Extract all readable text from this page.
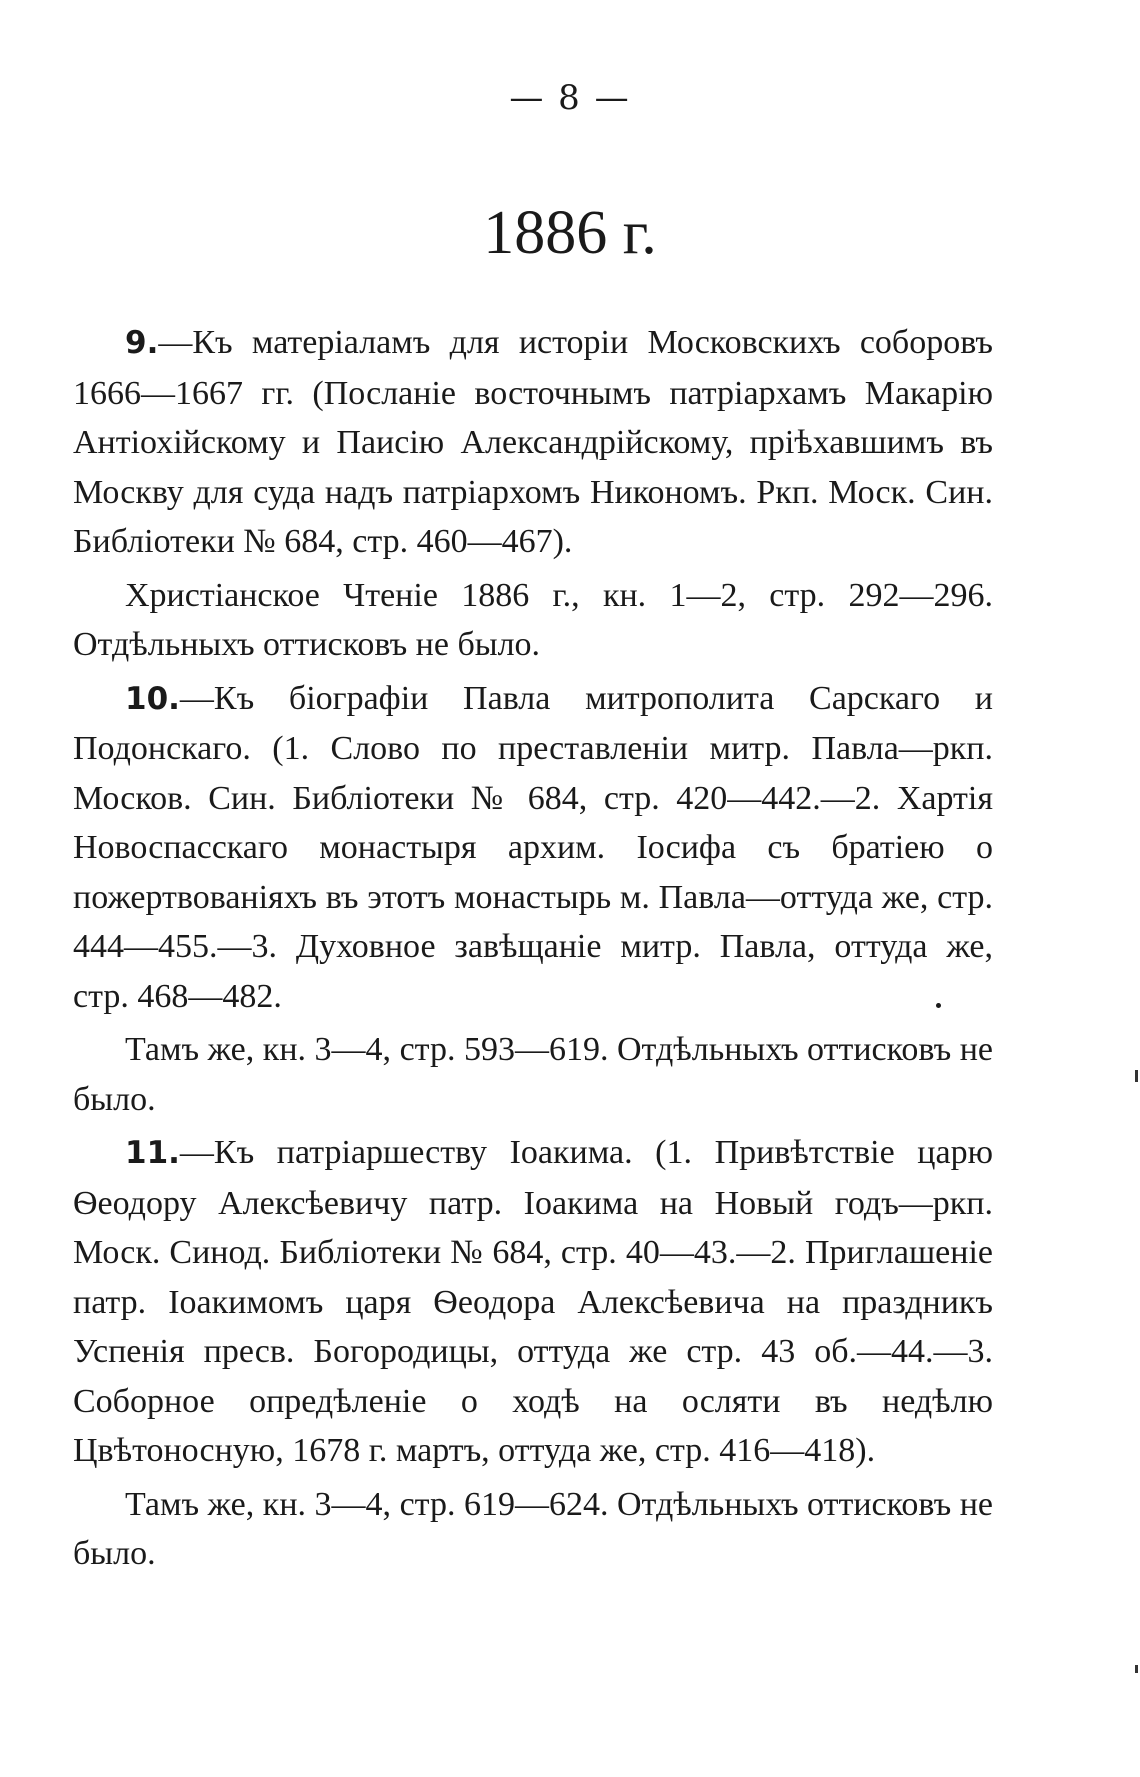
— 8 —
1886 г.

9.—Къ матеріаламъ для исторіи Московскихъ соборовъ 1666—1667 гг. (Посланіе восточнымъ патріархамъ Макарію Антіохійскому и Паисію Александрійскому, пріѣхавшимъ въ Москву для суда надъ патріархомъ Никономъ. Ркп. Моск. Син. Библіотеки № 684, стр. 460—467).

Христіанское Чтеніе 1886 г., кн. 1—2, стр. 292—296. Отдѣльныхъ оттисковъ не было.

10.—Къ біографіи Павла митрополита Сарскаго и Подонскаго. (1. Слово по преставленіи митр. Павла—ркп. Москов. Син. Библіотеки № 684, стр. 420—442.—2. Хартія Новоспасскаго монастыря архим. Іосифа съ братіею о пожертвованіяхъ въ этотъ монастырь м. Павла—оттуда же, стр. 444—455.—3. Духовное завѣщаніе митр. Павла, оттуда же, стр. 468—482.

Тамъ же, кн. 3—4, стр. 593—619. Отдѣльныхъ оттисковъ не было.

11.—Къ патріаршеству Іоакима. (1. Привѣтствіе царю Ѳеодору Алексѣевичу патр. Іоакима на Новый годъ—ркп. Моск. Синод. Библіотеки № 684, стр. 40—43.—2. Приглашеніе патр. Іоакимомъ царя Ѳеодора Алексѣевича на праздникъ Успенія пресв. Богородицы, оттуда же стр. 43 об.—44.—3. Соборное опредѣленіе о ходѣ на осляти въ недѣлю Цвѣтоносную, 1678 г. мартъ, оттуда же, стр. 416—418).

Тамъ же, кн. 3—4, стр. 619—624. Отдѣльныхъ оттисковъ не было.
